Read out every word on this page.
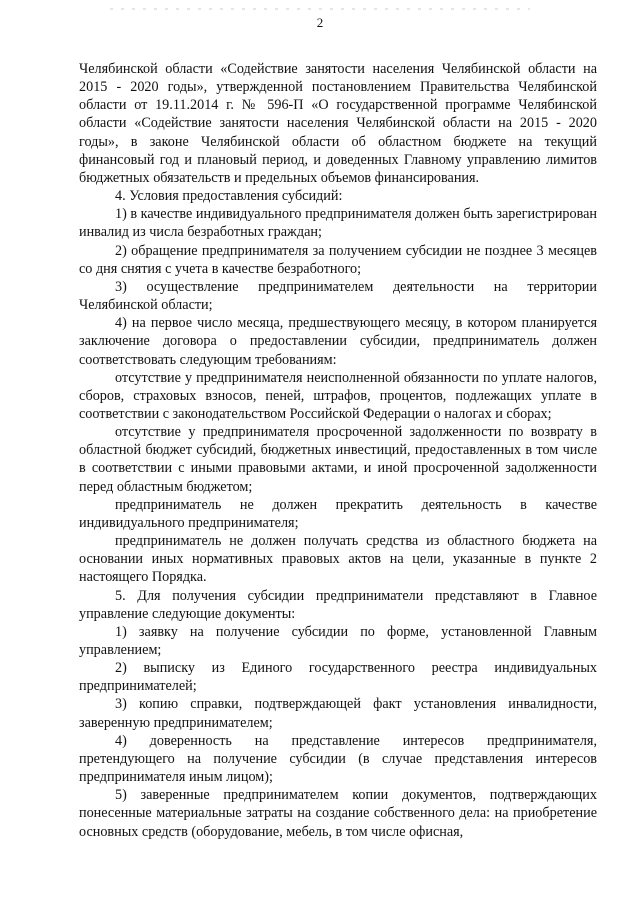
2

Челябинской области «Содействие занятости населения Челябинской области на 2015 - 2020 годы», утвержденной постановлением Правительства Челябинской области от 19.11.2014 г. № 596-П «О государственной программе Челябинской области «Содействие занятости населения Челябинской области на 2015 - 2020 годы», в законе Челябинской области об областном бюджете на текущий финансовый год и плановый период, и доведенных Главному управлению лимитов бюджетных обязательств и предельных объемов финансирования.

4. Условия предоставления субсидий:

1) в качестве индивидуального предпринимателя должен быть зарегистрирован инвалид из числа безработных граждан;

2) обращение предпринимателя за получением субсидии не позднее 3 месяцев со дня снятия с учета в качестве безработного;

3) осуществление предпринимателем деятельности на территории Челябинской области;

4) на первое число месяца, предшествующего месяцу, в котором планируется заключение договора о предоставлении субсидии, предприниматель должен соответствовать следующим требованиям:

отсутствие у предпринимателя неисполненной обязанности по уплате налогов, сборов, страховых взносов, пеней, штрафов, процентов, подлежащих уплате в соответствии с законодательством Российской Федерации о налогах и сборах;

отсутствие у предпринимателя просроченной задолженности по возврату в областной бюджет субсидий, бюджетных инвестиций, предоставленных в том числе в соответствии с иными правовыми актами, и иной просроченной задолженности перед областным бюджетом;

предприниматель не должен прекратить деятельность в качестве индивидуального предпринимателя;

предприниматель не должен получать средства из областного бюджета на основании иных нормативных правовых актов на цели, указанные в пункте 2 настоящего Порядка.

5. Для получения субсидии предприниматели представляют в Главное управление следующие документы:

1) заявку на получение субсидии по форме, установленной Главным управлением;

2) выписку из Единого государственного реестра индивидуальных предпринимателей;

3) копию справки, подтверждающей факт установления инвалидности, заверенную предпринимателем;

4) доверенность на представление интересов предпринимателя, претендующего на получение субсидии (в случае представления интересов предпринимателя иным лицом);

5) заверенные предпринимателем копии документов, подтверждающих понесенные материальные затраты на создание собственного дела: на приобретение основных средств (оборудование, мебель, в том числе офисная,
